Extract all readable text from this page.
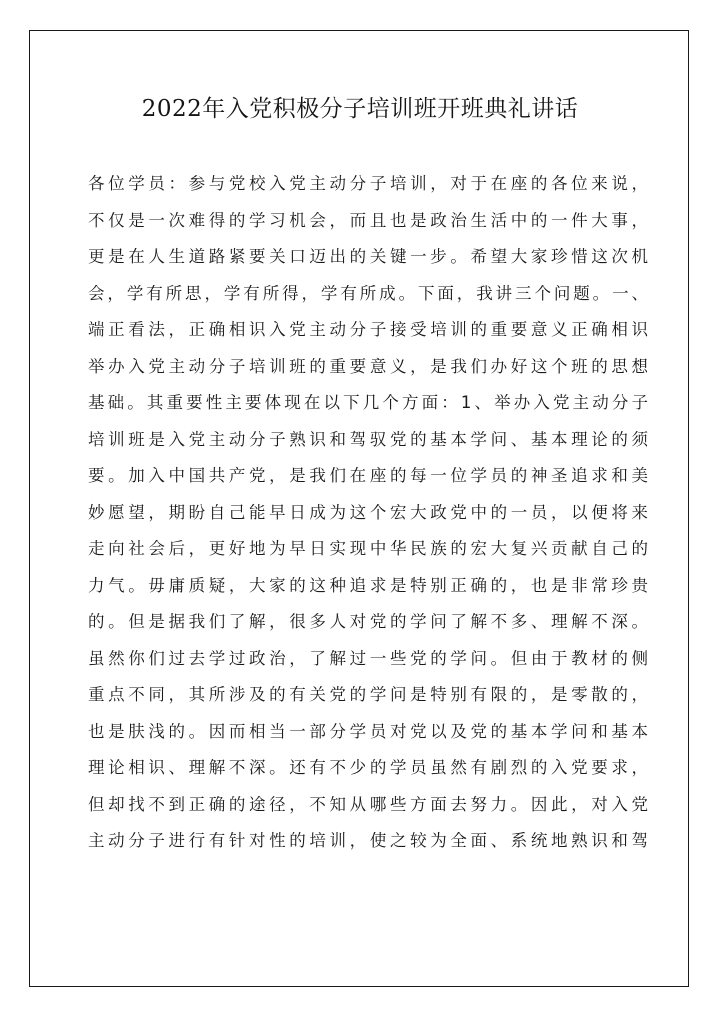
2022年入党积极分子培训班开班典礼讲话
各位学员：参与党校入党主动分子培训，对于在座的各位来说，
不仅是一次难得的学习机会，而且也是政治生活中的一件大事，
更是在人生道路紧要关口迈出的关键一步。希望大家珍惜这次机
会，学有所思，学有所得，学有所成。下面，我讲三个问题。一、
端正看法，正确相识入党主动分子接受培训的重要意义正确相识
举办入党主动分子培训班的重要意义，是我们办好这个班的思想
基础。其重要性主要体现在以下几个方面：1、举办入党主动分子
培训班是入党主动分子熟识和驾驭党的基本学问、基本理论的须
要。加入中国共产党，是我们在座的每一位学员的神圣追求和美
妙愿望，期盼自己能早日成为这个宏大政党中的一员，以便将来
走向社会后，更好地为早日实现中华民族的宏大复兴贡献自己的
力气。毋庸质疑，大家的这种追求是特别正确的，也是非常珍贵
的。但是据我们了解，很多人对党的学问了解不多、理解不深。
虽然你们过去学过政治，了解过一些党的学问。但由于教材的侧
重点不同，其所涉及的有关党的学问是特别有限的，是零散的，
也是肤浅的。因而相当一部分学员对党以及党的基本学问和基本
理论相识、理解不深。还有不少的学员虽然有剧烈的入党要求，
但却找不到正确的途径，不知从哪些方面去努力。因此，对入党
主动分子进行有针对性的培训，使之较为全面、系统地熟识和驾
